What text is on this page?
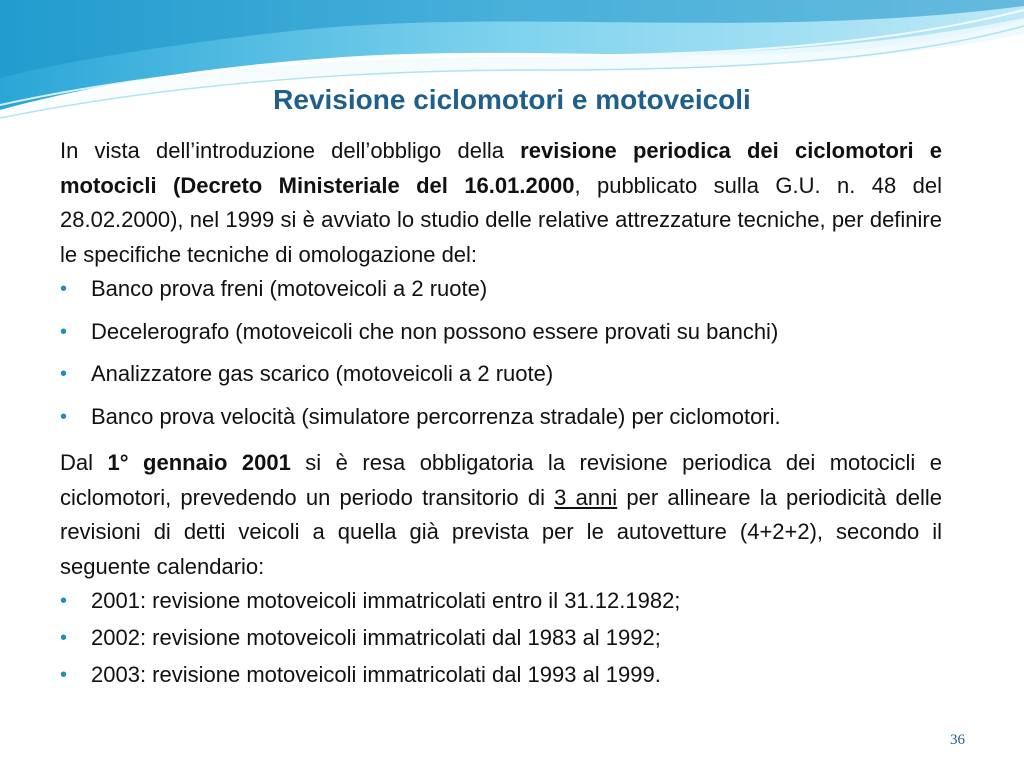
Revisione ciclomotori e motoveicoli

In vista dell’introduzione dell’obbligo della revisione periodica dei ciclomotori e motocicli (Decreto Ministeriale del 16.01.2000, pubblicato sulla G.U. n. 48 del 28.02.2000), nel 1999 si è avviato lo studio delle relative attrezzature tecniche, per definire le specifiche tecniche di omologazione del:

• Banco prova freni (motoveicoli a 2 ruote)
• Decelerografo (motoveicoli che non possono essere provati su banchi)
• Analizzatore gas scarico (motoveicoli a 2 ruote)
• Banco prova velocità (simulatore percorrenza stradale) per ciclomotori.

Dal 1° gennaio 2001 si è resa obbligatoria la revisione periodica dei motocicli e ciclomotori, prevedendo un periodo transitorio di 3 anni per allineare la periodicità delle revisioni di detti veicoli a quella già prevista per le autovetture (4+2+2), secondo il seguente calendario:

• 2001: revisione motoveicoli immatricolati entro il 31.12.1982;
• 2002: revisione motoveicoli immatricolati dal 1983 al 1992;
• 2003: revisione motoveicoli immatricolati dal 1993 al 1999.
36
